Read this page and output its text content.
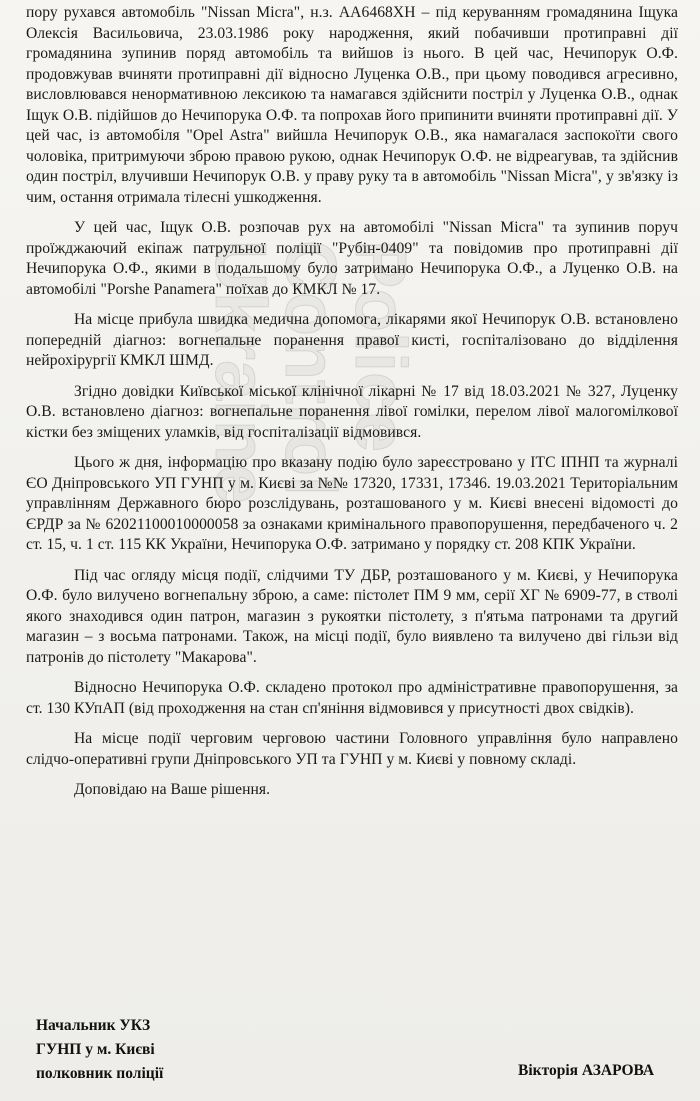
Police
Control
Ukraine

пору рухався автомобіль "Nissan Micra", н.з. АА6468ХН – під керуванням громадянина Іщука Олексія Васильовича, 23.03.1986 року народження, який побачивши протиправні дії громадянина зупинив поряд автомобіль та вийшов із нього. В цей час, Нечипорук О.Ф. продовжував вчиняти протиправні дії відносно Луценка О.В., при цьому поводився агресивно, висловлювався ненормативною лексикою та намагався здійснити постріл у Луценка О.В., однак Іщук О.В. підійшов до Нечипорука О.Ф. та попрохав його припинити вчиняти протиправні дії. У цей час, із автомобіля "Opel Astra" вийшла Нечипорук О.В., яка намагалася заспокоїти свого чоловіка, притримуючи зброю правою рукою, однак Нечипорук О.Ф. не відреагував, та здійснив один постріл, влучивши Нечипорук О.В. у праву руку та в автомобіль "Nissan Micra", у зв'язку із чим, остання отримала тілесні ушкодження.

У цей час, Іщук О.В. розпочав рух на автомобілі "Nissan Micra" та зупинив поруч проїжджаючий екіпаж патрульної поліції "Рубін-0409" та повідомив про протиправні дії Нечипорука О.Ф., якими в подальшому було затримано Нечипорука О.Ф., а Луценко О.В. на автомобілі "Porshe Panamera" поїхав до КМКЛ № 17.

На місце прибула швидка медична допомога, лікарями якої Нечипорук О.В. встановлено попередній діагноз: вогнепальне поранення правої кисті, госпіталізовано до відділення нейрохірургії КМКЛ ШМД.

Згідно довідки Київської міської клінічної лікарні № 17 від 18.03.2021 № 327, Луценку О.В. встановлено діагноз: вогнепальне поранення лівої гомілки, перелом лівої малогомілкової кістки без зміщених уламків, від госпіталізації відмовився.

Цього ж дня, інформацію про вказану подію було зареєстровано у ІТС ІПНП та журналі ЄО Дніпровського УП ГУНП у м. Києві за №№ 17320, 17331, 17346. 19.03.2021 Територіальним управлінням Державного бюро розслідувань, розташованого у м. Києві внесені відомості до ЄРДР за № 62021100010000058 за ознаками кримінального правопорушення, передбаченого ч. 2 ст. 15, ч. 1 ст. 115 КК України, Нечипорука О.Ф. затримано у порядку ст. 208 КПК України.

Під час огляду місця події, слідчими ТУ ДБР, розташованого у м. Києві, у Нечипорука О.Ф. було вилучено вогнепальну зброю, а саме: пістолет ПМ 9 мм, серії ХГ № 6909-77, в стволі якого знаходився один патрон, магазин з рукоятки пістолету, з п'ятьма патронами та другий магазин – з восьма патронами. Також, на місці події, було виявлено та вилучено дві гільзи від патронів до пістолету "Макарова".

Відносно Нечипорука О.Ф. складено протокол про адміністративне правопорушення, за ст. 130 КУпАП (від проходження на стан сп'яніння відмовився у присутності двох свідків).

На місце події черговим черговою частини Головного управління було направлено слідчо-оперативні групи Дніпровського УП та ГУНП у м. Києві у повному складі.

Доповідаю на Ваше рішення.

Начальник УКЗ
ГУНП у м. Києві
полковник поліції	Вікторія АЗАРОВА
